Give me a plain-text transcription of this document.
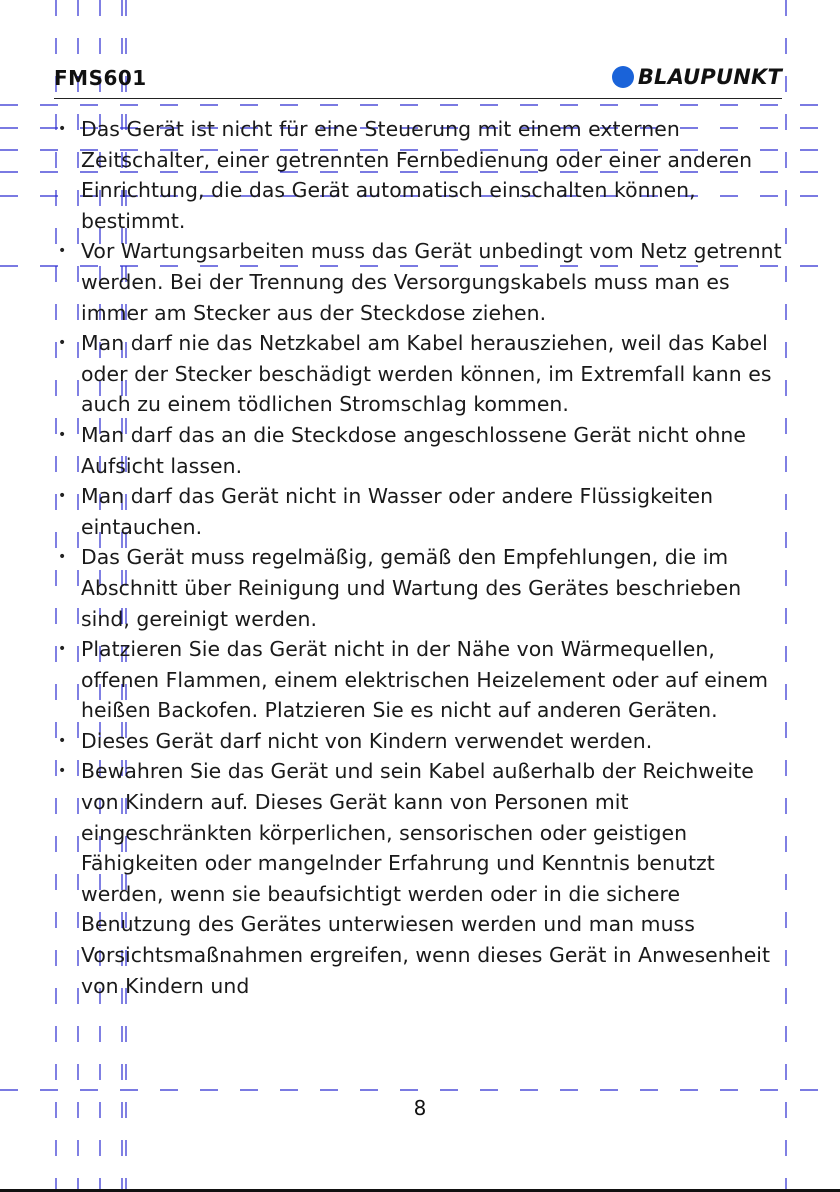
FMS601	BLAUPUNKT
• Das Gerät ist nicht für eine Steuerung mit einem externen Zeitschalter, einer getrennten Fernbedienung oder einer anderen Einrichtung, die das Gerät automatisch einschalten können, bestimmt.
• Vor Wartungsarbeiten muss das Gerät unbedingt vom Netz getrennt werden. Bei der Trennung des Versorgungskabels muss man es immer am Stecker aus der Steckdose ziehen.
• Man darf nie das Netzkabel am Kabel herausziehen, weil das Kabel oder der Stecker beschädigt werden können, im Extremfall kann es auch zu einem tödlichen Stromschlag kommen.
• Man darf das an die Steckdose angeschlossene Gerät nicht ohne Aufsicht lassen.
• Man darf das Gerät nicht in Wasser oder andere Flüssigkeiten eintauchen.
• Das Gerät muss regelmäßig, gemäß den Empfehlungen, die im Abschnitt über Reinigung und Wartung des Gerätes beschrieben sind, gereinigt werden.
• Platzieren Sie das Gerät nicht in der Nähe von Wärmequellen, offenen Flammen, einem elektrischen Heizelement oder auf einem heißen Backofen. Platzieren Sie es nicht auf anderen Geräten.
• Dieses Gerät darf nicht von Kindern verwendet werden.
• Bewahren Sie das Gerät und sein Kabel außerhalb der Reichweite von Kindern auf. Dieses Gerät kann von Personen mit eingeschränkten körperlichen, sensorischen oder geistigen Fähigkeiten oder mangelnder Erfahrung und Kenntnis benutzt werden, wenn sie beaufsichtigt werden oder in die sichere Benutzung des Gerätes unterwiesen werden und man muss Vorsichtsmaßnahmen ergreifen, wenn dieses Gerät in Anwesenheit von Kindern und
8
